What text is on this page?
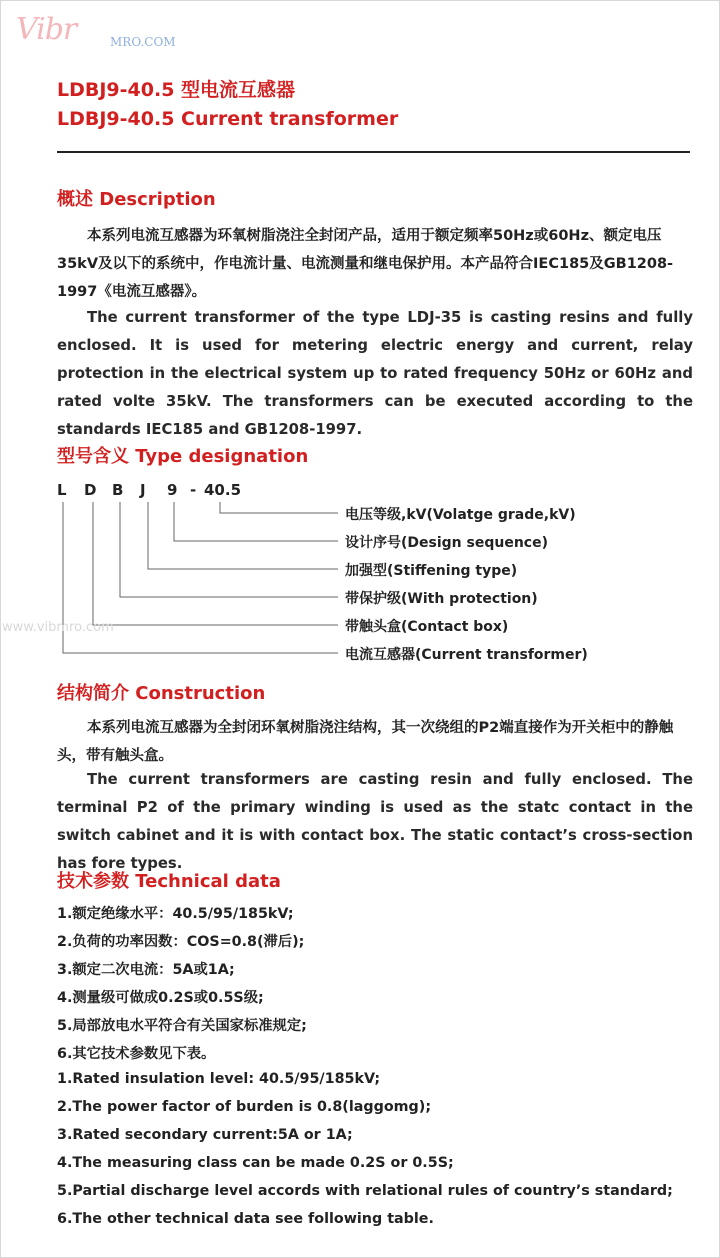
Vibr	MRO.COM
LDBJ9-40.5 型电流互感器
LDBJ9-40.5 Current transformer
概述 Description
本系列电流互感器为环氧树脂浇注全封闭产品，适用于额定频率50Hz或60Hz、额定电压35kV及以下的系统中，作电流计量、电流测量和继电保护用。本产品符合IEC185及GB1208-1997《电流互感器》。
The current transformer of the type LDJ-35 is casting resins and fully enclosed. It is used for metering electric energy and current, relay protection in the electrical system up to rated frequency 50Hz or 60Hz and rated volte 35kV. The transformers can be executed according to the standards IEC185 and GB1208-1997.
型号含义 Type designation
L D B J 9 - 40.5
www.vibmro.com
电压等级,kV(Volatge grade,kV)
设计序号(Design sequence)
加强型(Stiffening type)
带保护级(With protection)
带触头盒(Contact box)
电流互感器(Current transformer)
结构简介 Construction
本系列电流互感器为全封闭环氧树脂浇注结构，其一次绕组的P2端直接作为开关柜中的静触头，带有触头盒。
The current transformers are casting resin and fully enclosed. The terminal P2 of the primary winding is used as the statc contact in the switch cabinet and it is with contact box. The static contact’s cross-section has fore types.
技术参数 Technical data
1.额定绝缘水平：40.5/95/185kV;
2.负荷的功率因数：COS=0.8(滞后);
3.额定二次电流：5A或1A;
4.测量级可做成0.2S或0.5S级;
5.局部放电水平符合有关国家标准规定;
6.其它技术参数见下表。
1.Rated insulation level: 40.5/95/185kV;
2.The power factor of burden is 0.8(laggomg);
3.Rated secondary current:5A or 1A;
4.The measuring class can be made 0.2S or 0.5S;
5.Partial discharge level accords with relational rules of country’s standard;
6.The other technical data see following table.
